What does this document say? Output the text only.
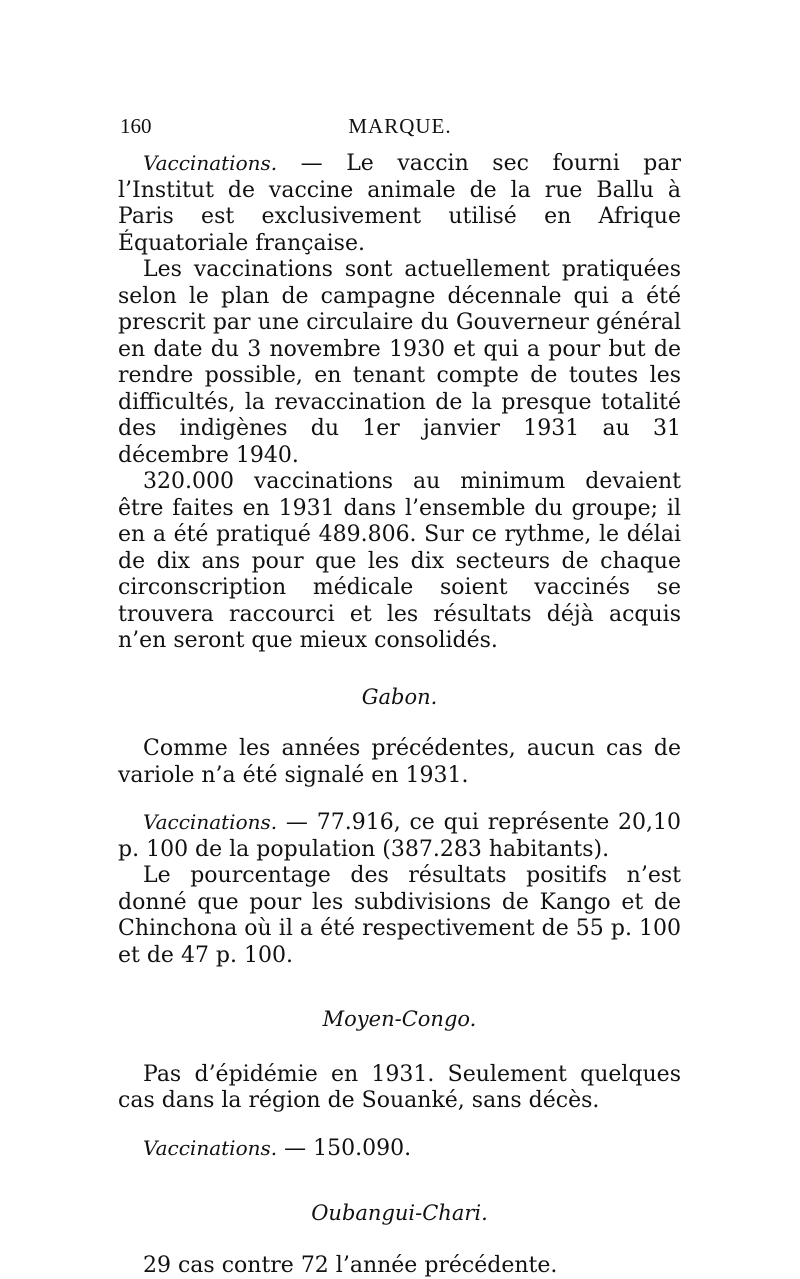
160	MARQUE.

Vaccinations. — Le vaccin sec fourni par l’Institut de vaccine animale de la rue Ballu à Paris est exclusivement utilisé en Afrique Équatoriale française.

Les vaccinations sont actuellement pratiquées selon le plan de campagne décennale qui a été prescrit par une circulaire du Gouverneur général en date du 3 novembre 1930 et qui a pour but de rendre possible, en tenant compte de toutes les difficultés, la revaccination de la presque totalité des indigènes du 1er janvier 1931 au 31 décembre 1940.

320.000 vaccinations au minimum devaient être faites en 1931 dans l’ensemble du groupe; il en a été pratiqué 489.806. Sur ce rythme, le délai de dix ans pour que les dix secteurs de chaque circonscription médicale soient vaccinés se trouvera raccourci et les résultats déjà acquis n’en seront que mieux consolidés.

Gabon.

Comme les années précédentes, aucun cas de variole n’a été signalé en 1931.

Vaccinations. — 77.916, ce qui représente 20,10 p. 100 de la population (387.283 habitants).

Le pourcentage des résultats positifs n’est donné que pour les subdivisions de Kango et de Chinchona où il a été respectivement de 55 p. 100 et de 47 p. 100.

Moyen-Congo.

Pas d’épidémie en 1931. Seulement quelques cas dans la région de Souanké, sans décès.

Vaccinations. — 150.090.

Oubangui-Chari.

29 cas contre 72 l’année précédente.
